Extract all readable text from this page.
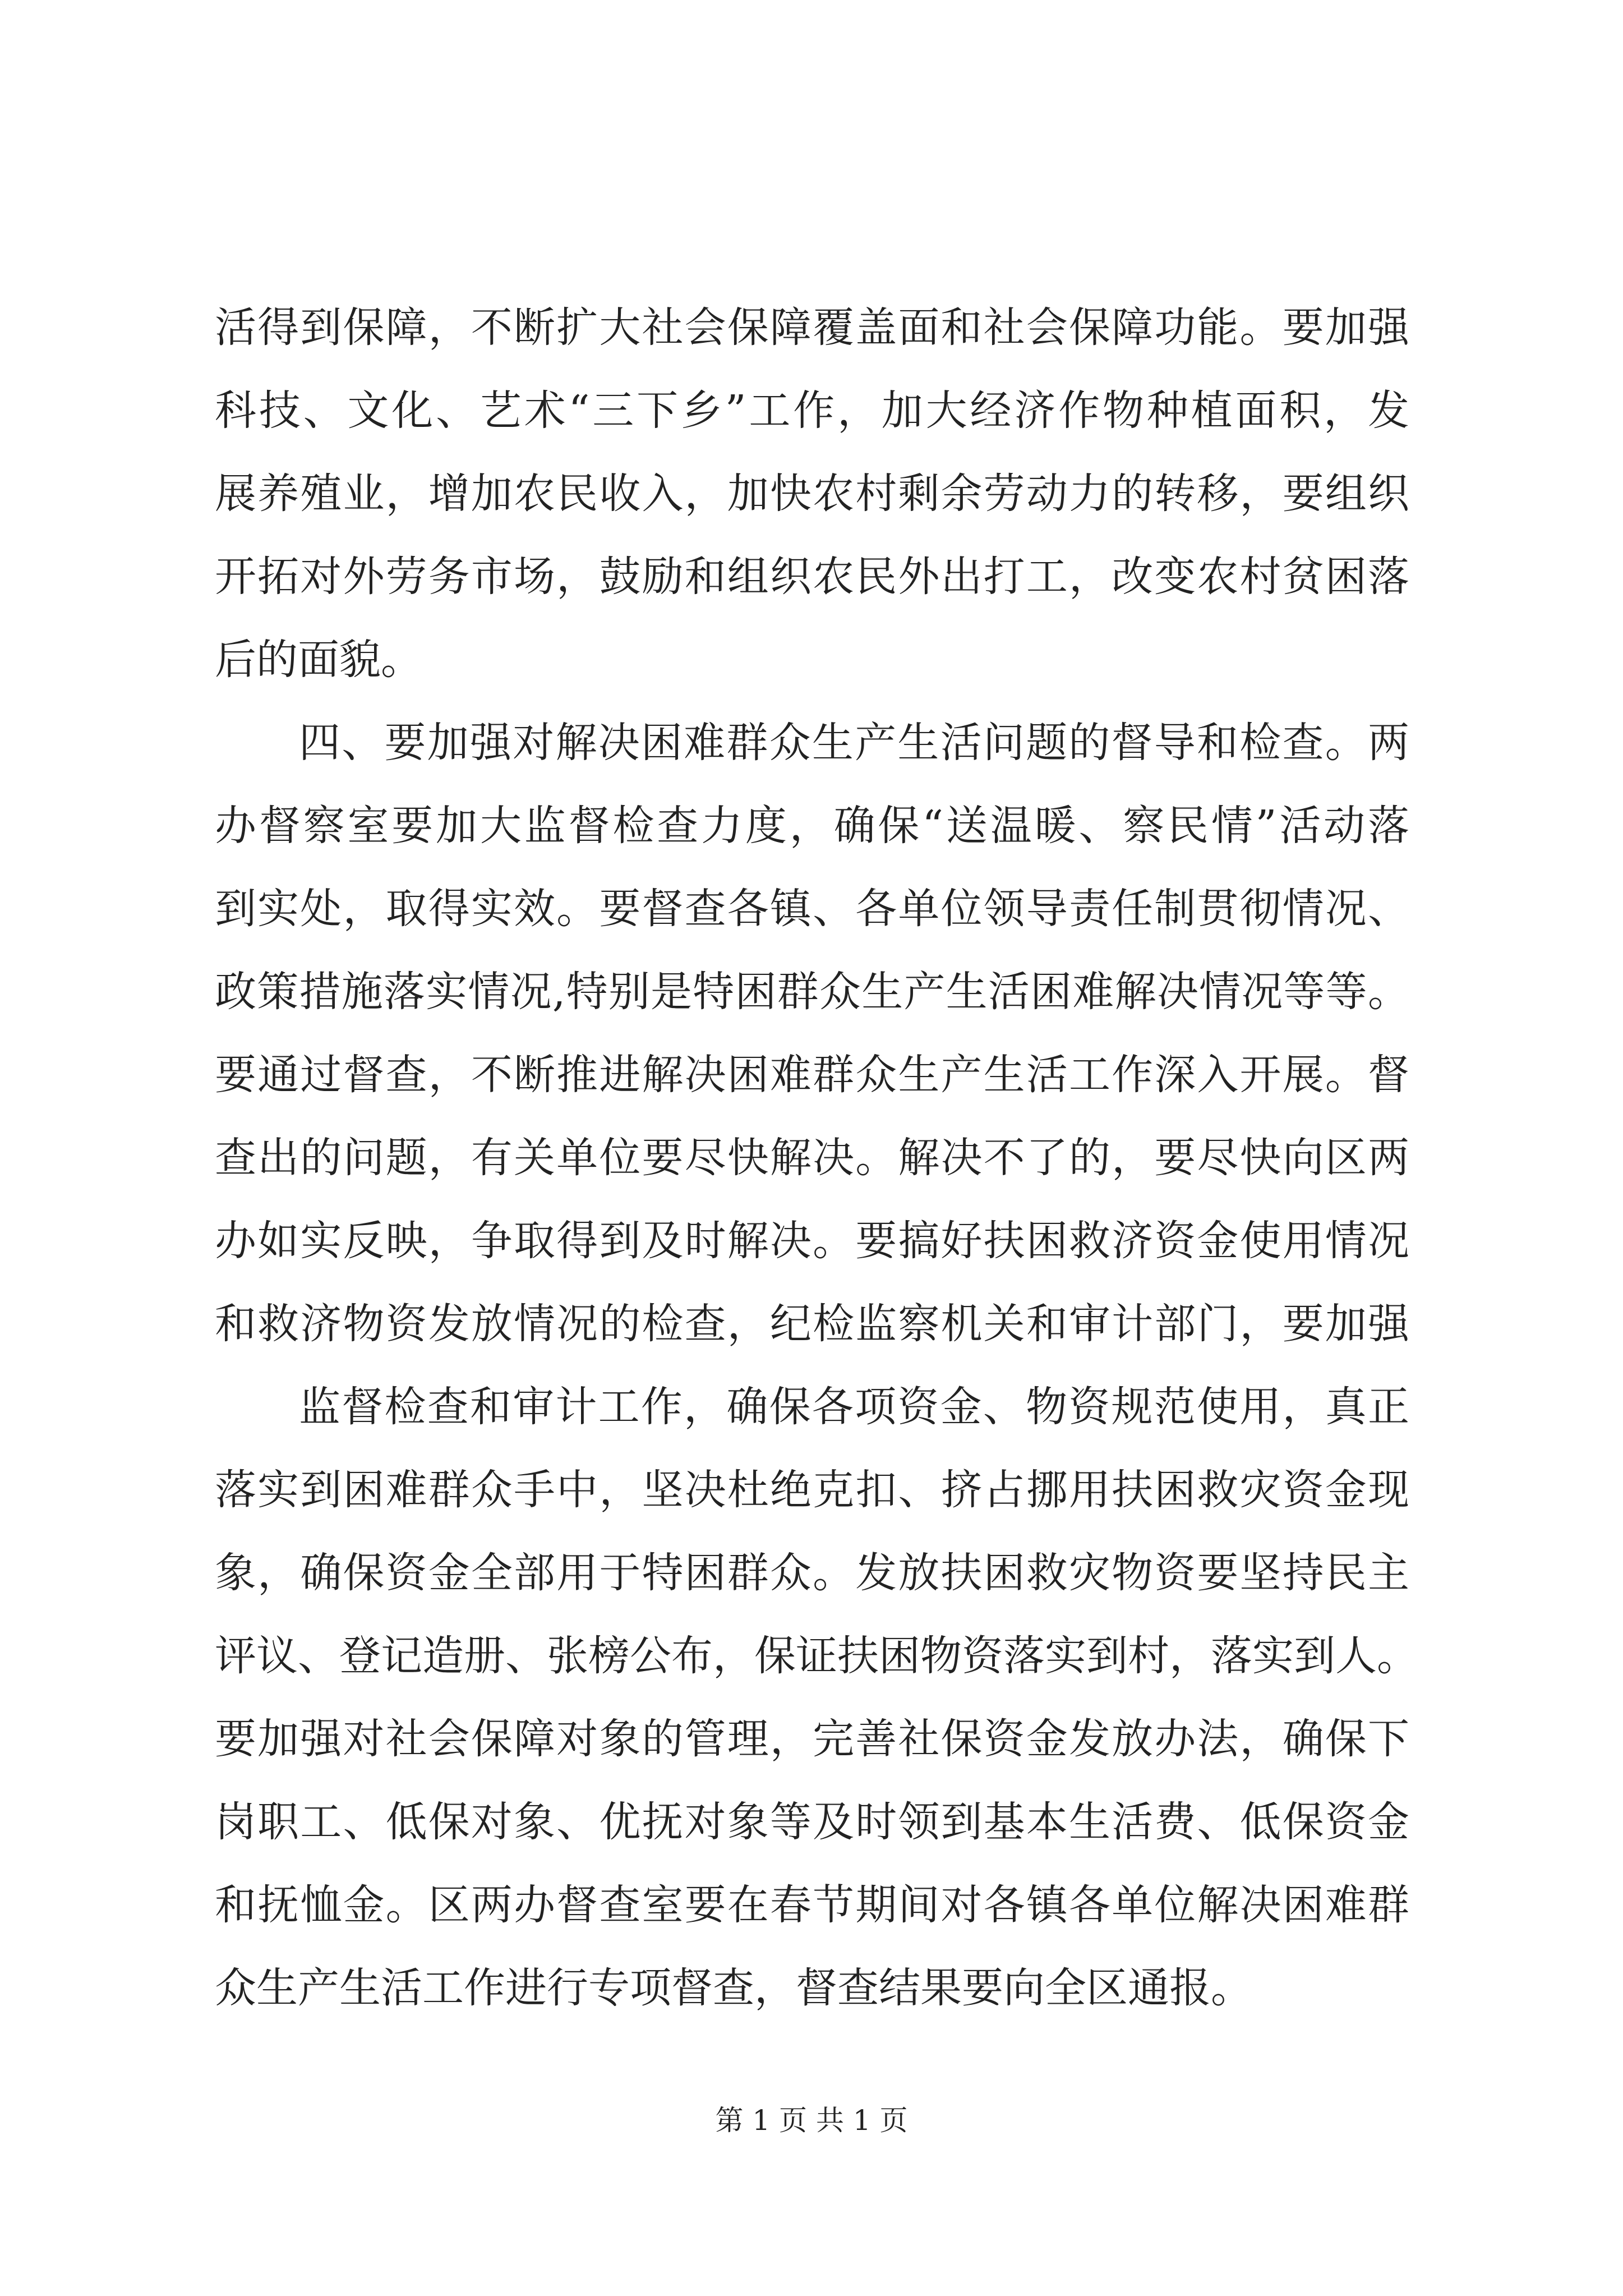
活得到保障，不断扩大社会保障覆盖面和社会保障功能。要加强
科技、文化、艺术“三下乡”工作，加大经济作物种植面积，发
展养殖业，增加农民收入，加快农村剩余劳动力的转移，要组织
开拓对外劳务市场，鼓励和组织农民外出打工，改变农村贫困落
后的面貌。
四、要加强对解决困难群众生产生活问题的督导和检查。两
办督察室要加大监督检查力度，确保“送温暖、察民情”活动落
到实处，取得实效。要督查各镇、各单位领导责任制贯彻情况、
政策措施落实情况,特别是特困群众生产生活困难解决情况等等。
要通过督查，不断推进解决困难群众生产生活工作深入开展。督
查出的问题，有关单位要尽快解决。解决不了的，要尽快向区两
办如实反映，争取得到及时解决。要搞好扶困救济资金使用情况
和救济物资发放情况的检查，纪检监察机关和审计部门，要加强
监督检查和审计工作，确保各项资金、物资规范使用，真正
落实到困难群众手中，坚决杜绝克扣、挤占挪用扶困救灾资金现
象，确保资金全部用于特困群众。发放扶困救灾物资要坚持民主
评议、登记造册、张榜公布，保证扶困物资落实到村，落实到人。
要加强对社会保障对象的管理，完善社保资金发放办法，确保下
岗职工、低保对象、优抚对象等及时领到基本生活费、低保资金
和抚恤金。区两办督查室要在春节期间对各镇各单位解决困难群
众生产生活工作进行专项督查，督查结果要向全区通报。
第 1 页 共 1 页
